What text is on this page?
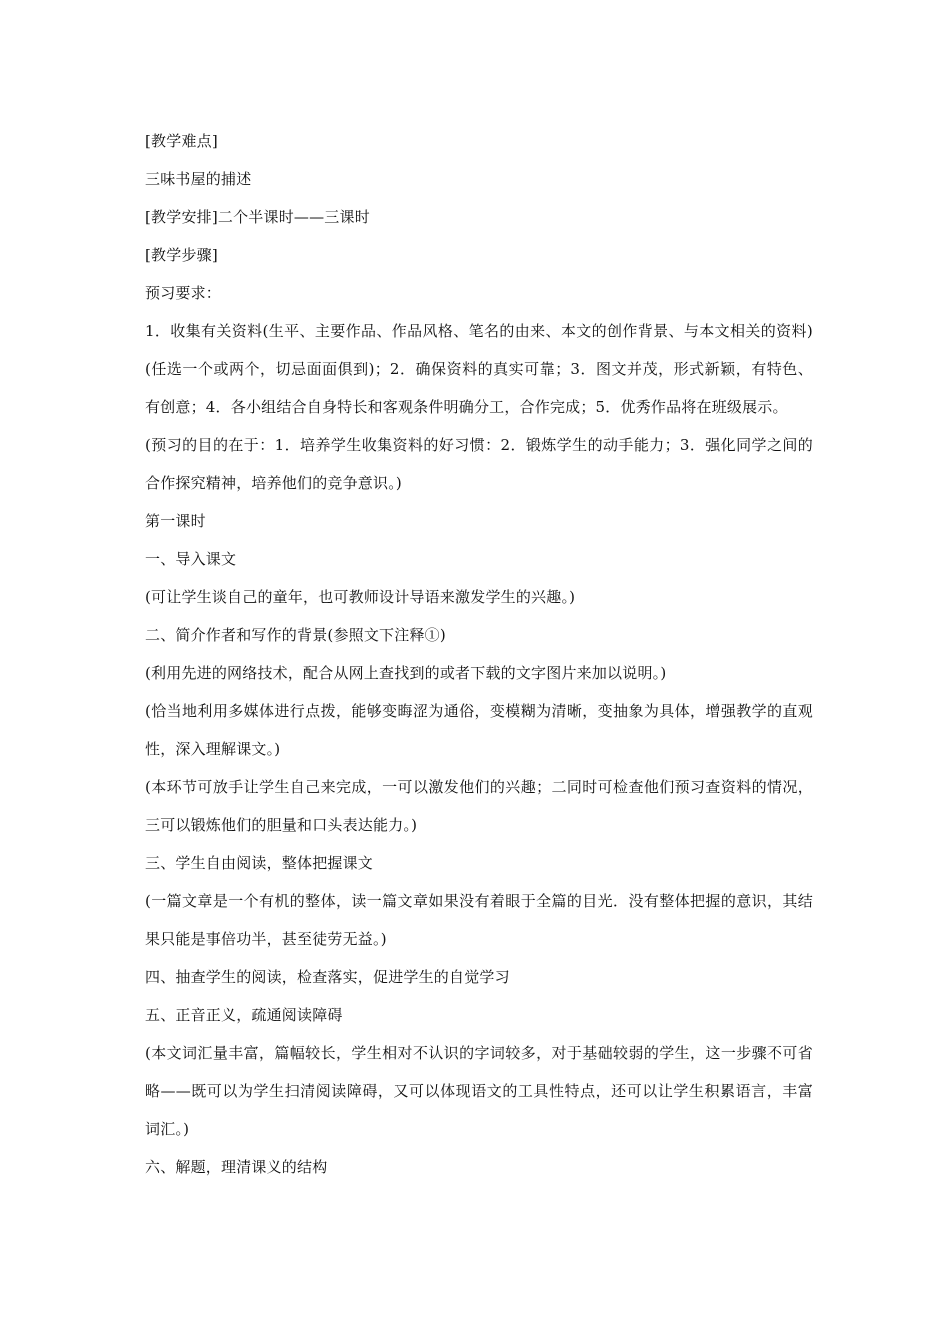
[教学难点]

三味书屋的捕述

[教学安排]二个半课时——三课时

[教学步骤]

预习要求：

1．收集有关资料(生平、主要作品、作品风格、笔名的由来、本文的创作背景、与本文相关的资料)(任选一个或两个，切忌面面俱到)；2．确保资料的真实可靠；3．图文并茂，形式新颖，有特色、有创意；4．各小组结合自身特长和客观条件明确分工，合作完成；5．优秀作品将在班级展示。

(预习的目的在于：1．培养学生收集资料的好习惯：2．锻炼学生的动手能力；3．强化同学之间的合作探究精神，培养他们的竞争意识。)

第一课时

一、导入课文

(可让学生谈自己的童年，也可教师设计导语来激发学生的兴趣。)

二、简介作者和写作的背景(参照文下注释①)

(利用先进的网络技术，配合从网上查找到的或者下载的文字图片来加以说明。)

(恰当地利用多媒体进行点拨，能够变晦涩为通俗，变模糊为清晰，变抽象为具体，增强教学的直观性，深入理解课文。)

(本环节可放手让学生自己来完成，一可以激发他们的兴趣；二同时可检查他们预习查资料的情况，三可以锻炼他们的胆量和口头表达能力。)

三、学生自由阅读，整体把握课文

(一篇文章是一个有机的整体，读一篇文章如果没有着眼于全篇的目光．没有整体把握的意识，其结果只能是事倍功半，甚至徒劳无益。)

四、抽查学生的阅读，检查落实，促进学生的自觉学习

五、正音正义，疏通阅读障碍

(本文词汇量丰富，篇幅较长，学生相对不认识的字词较多，对于基础较弱的学生，这一步骤不可省略——既可以为学生扫清阅读障碍，又可以体现语文的工具性特点，还可以让学生积累语言，丰富词汇。)

六、解题，理清课义的结构
